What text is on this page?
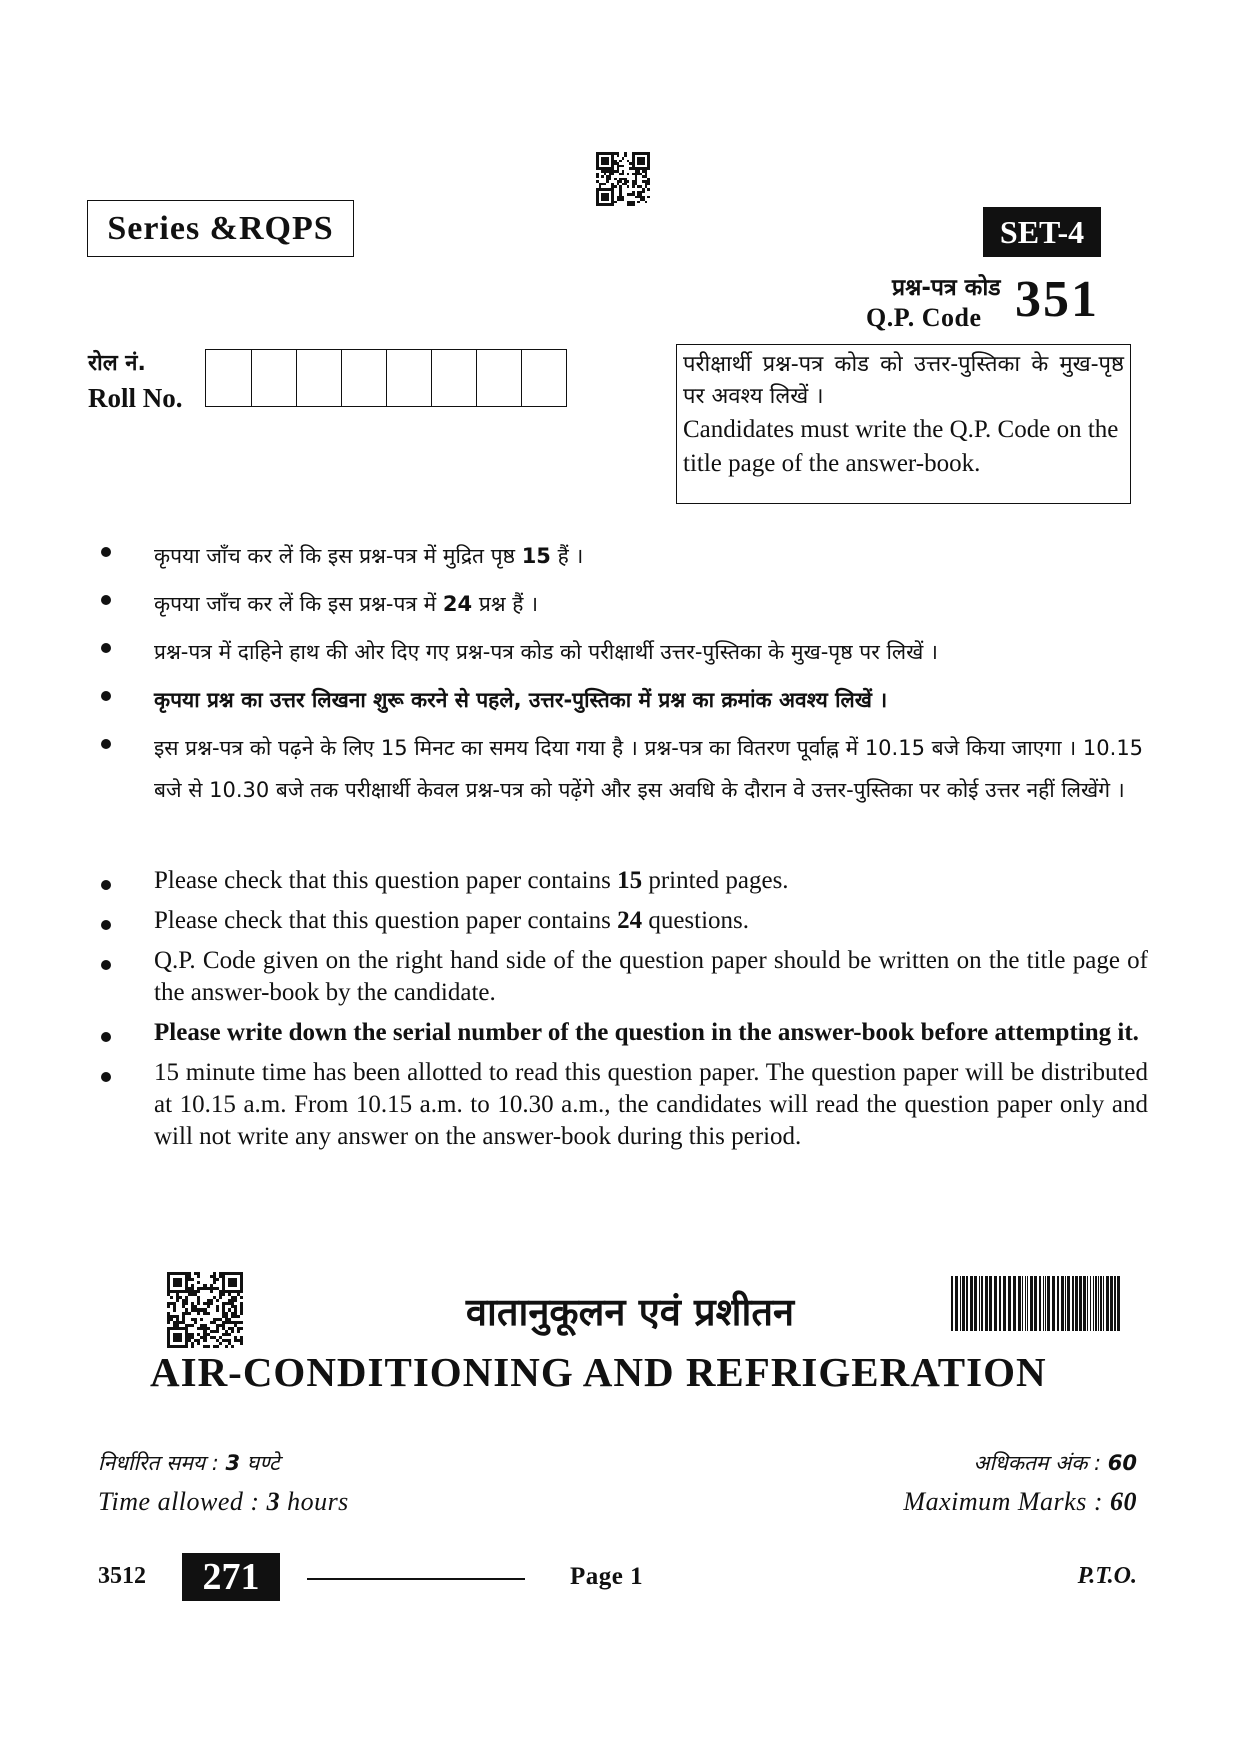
Series &RQPS	SET-4
प्रश्न-पत्र कोड
Q.P. Code 351
रोल नं.
Roll No.
परीक्षार्थी प्रश्न-पत्र कोड को उत्तर-पुस्तिका के मुख-पृष्ठ पर अवश्य लिखें ।
Candidates must write the Q.P. Code on the title page of the answer-book.
कृपया जाँच कर लें कि इस प्रश्न-पत्र में मुद्रित पृष्ठ 15 हैं ।
कृपया जाँच कर लें कि इस प्रश्न-पत्र में 24 प्रश्न हैं ।
प्रश्न-पत्र में दाहिने हाथ की ओर दिए गए प्रश्न-पत्र कोड को परीक्षार्थी उत्तर-पुस्तिका के मुख-पृष्ठ पर लिखें ।
कृपया प्रश्न का उत्तर लिखना शुरू करने से पहले, उत्तर-पुस्तिका में प्रश्न का क्रमांक अवश्य लिखें ।
इस प्रश्न-पत्र को पढ़ने के लिए 15 मिनट का समय दिया गया है । प्रश्न-पत्र का वितरण पूर्वाह्न में 10.15 बजे किया जाएगा । 10.15 बजे से 10.30 बजे तक परीक्षार्थी केवल प्रश्न-पत्र को पढ़ेंगे और इस अवधि के दौरान वे उत्तर-पुस्तिका पर कोई उत्तर नहीं लिखेंगे ।
Please check that this question paper contains 15 printed pages.
Please check that this question paper contains 24 questions.
Q.P. Code given on the right hand side of the question paper should be written on the title page of the answer-book by the candidate.
Please write down the serial number of the question in the answer-book before attempting it.
15 minute time has been allotted to read this question paper. The question paper will be distributed at 10.15 a.m. From 10.15 a.m. to 10.30 a.m., the candidates will read the question paper only and will not write any answer on the answer-book during this period.
वातानुकूलन एवं प्रशीतन
AIR-CONDITIONING AND REFRIGERATION
निर्धारित समय : 3 घण्टे
Time allowed : 3 hours
अधिकतम अंक : 60
Maximum Marks : 60
3512	271	Page 1	P.T.O.
